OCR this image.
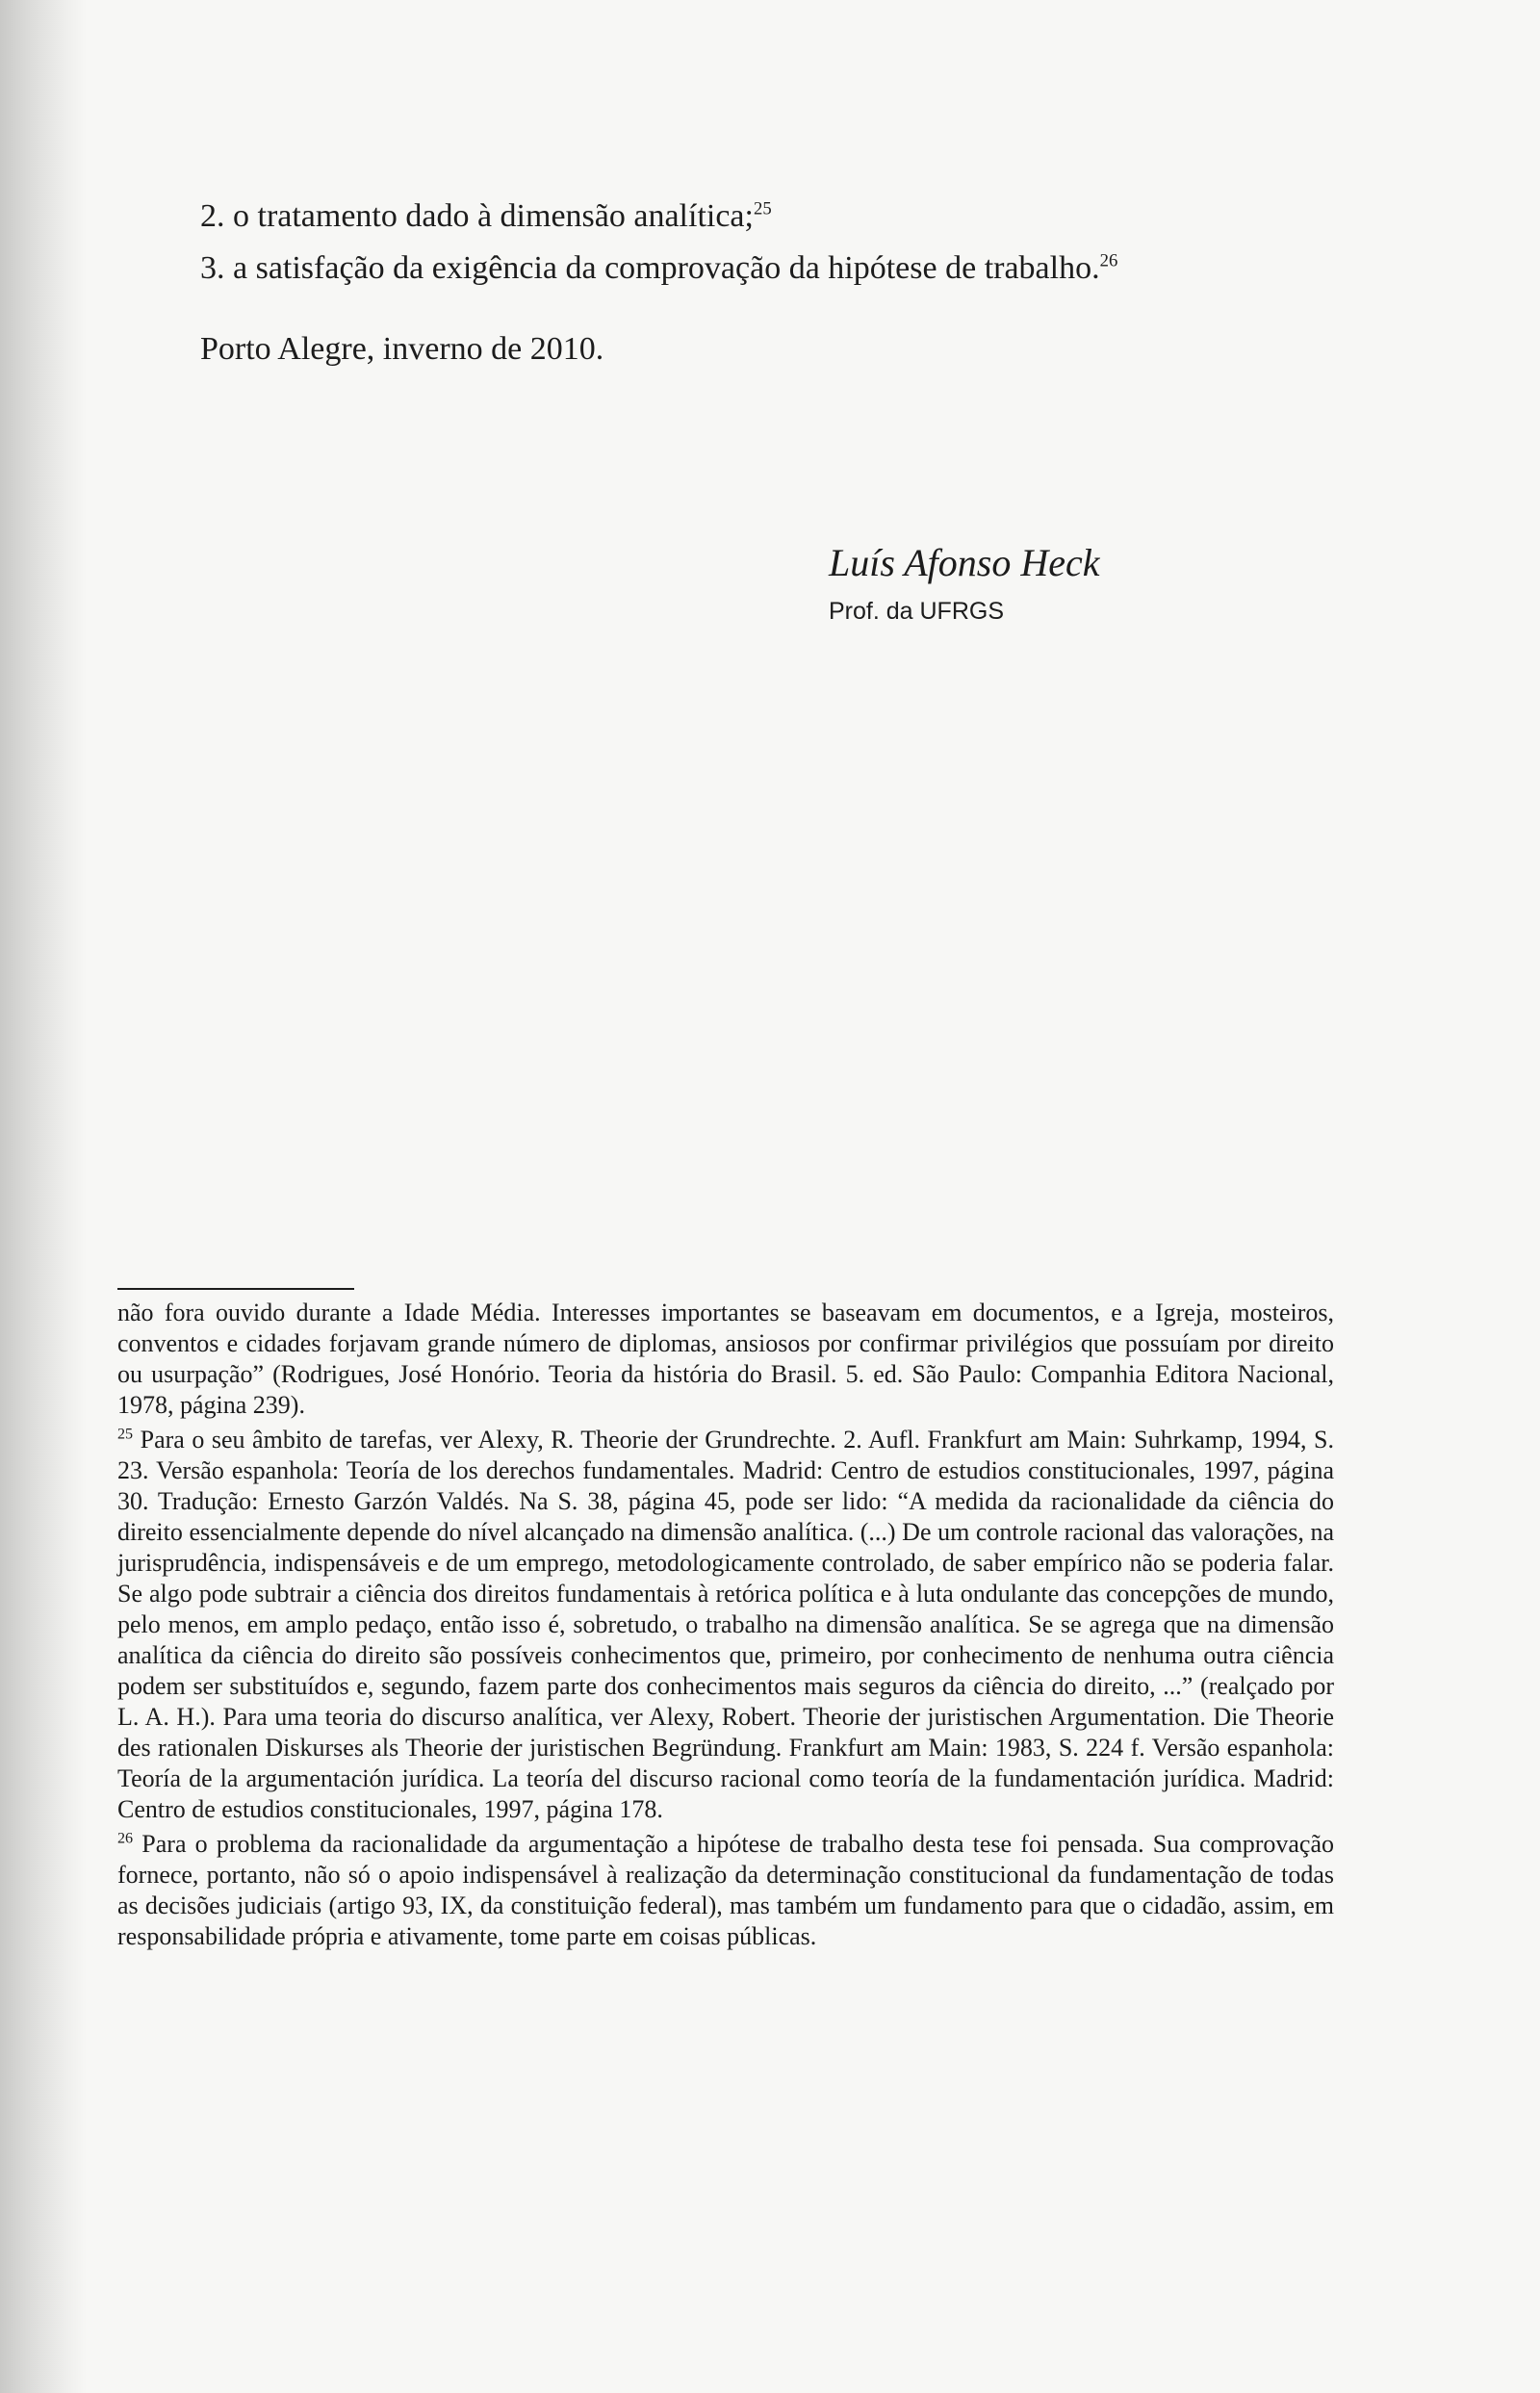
2. o tratamento dado à dimensão analítica;$^{25}$
3. a satisfação da exigência da comprovação da hipótese de trabalho.$^{26}$
Porto Alegre, inverno de 2010.
Luís Afonso Heck
Prof. da UFRGS

não fora ouvido durante a Idade Média. Interesses importantes se baseavam em documentos, e a Igreja, mosteiros, conventos e cidades forjavam grande número de diplomas, ansiosos por confirmar privilégios que possuíam por direito ou usurpação” (Rodrigues, José Honório. Teoria da história do Brasil. 5. ed. São Paulo: Companhia Editora Nacional, 1978, página 239).

$^{25}$ Para o seu âmbito de tarefas, ver Alexy, R. Theorie der Grundrechte. 2. Aufl. Frankfurt am Main: Suhrkamp, 1994, S. 23. Versão espanhola: Teoría de los derechos fundamentales. Madrid: Centro de estudios constitucionales, 1997, página 30. Tradução: Ernesto Garzón Valdés. Na S. 38, página 45, pode ser lido: “A medida da racionalidade da ciência do direito essencialmente depende do nível alcançado na dimensão analítica. (...) De um controle racional das valorações, na jurisprudência, indispensáveis e de um emprego, metodologicamente controlado, de saber empírico não se poderia falar. Se algo pode subtrair a ciência dos direitos fundamentais à retórica política e à luta ondulante das concepções de mundo, pelo menos, em amplo pedaço, então isso é, sobretudo, o trabalho na dimensão analítica. Se se agrega que na dimensão analítica da ciência do direito são possíveis conhecimentos que, primeiro, por conhecimento de nenhuma outra ciência podem ser substituídos e, segundo, fazem parte dos conhecimentos mais seguros da ciência do direito, ...” (realçado por L. A. H.). Para uma teoria do discurso analítica, ver Alexy, Robert. Theorie der juristischen Argumentation. Die Theorie des rationalen Diskurses als Theorie der juristischen Begründung. Frankfurt am Main: 1983, S. 224 f. Versão espanhola: Teoría de la argumentación jurídica. La teoría del discurso racional como teoría de la fundamentación jurídica. Madrid: Centro de estudios constitucionales, 1997, página 178.

$^{26}$ Para o problema da racionalidade da argumentação a hipótese de trabalho desta tese foi pensada. Sua comprovação fornece, portanto, não só o apoio indispensável à realização da determinação constitucional da fundamentação de todas as decisões judiciais (artigo 93, IX, da constituição federal), mas também um fundamento para que o cidadão, assim, em responsabilidade própria e ativamente, tome parte em coisas públicas.
